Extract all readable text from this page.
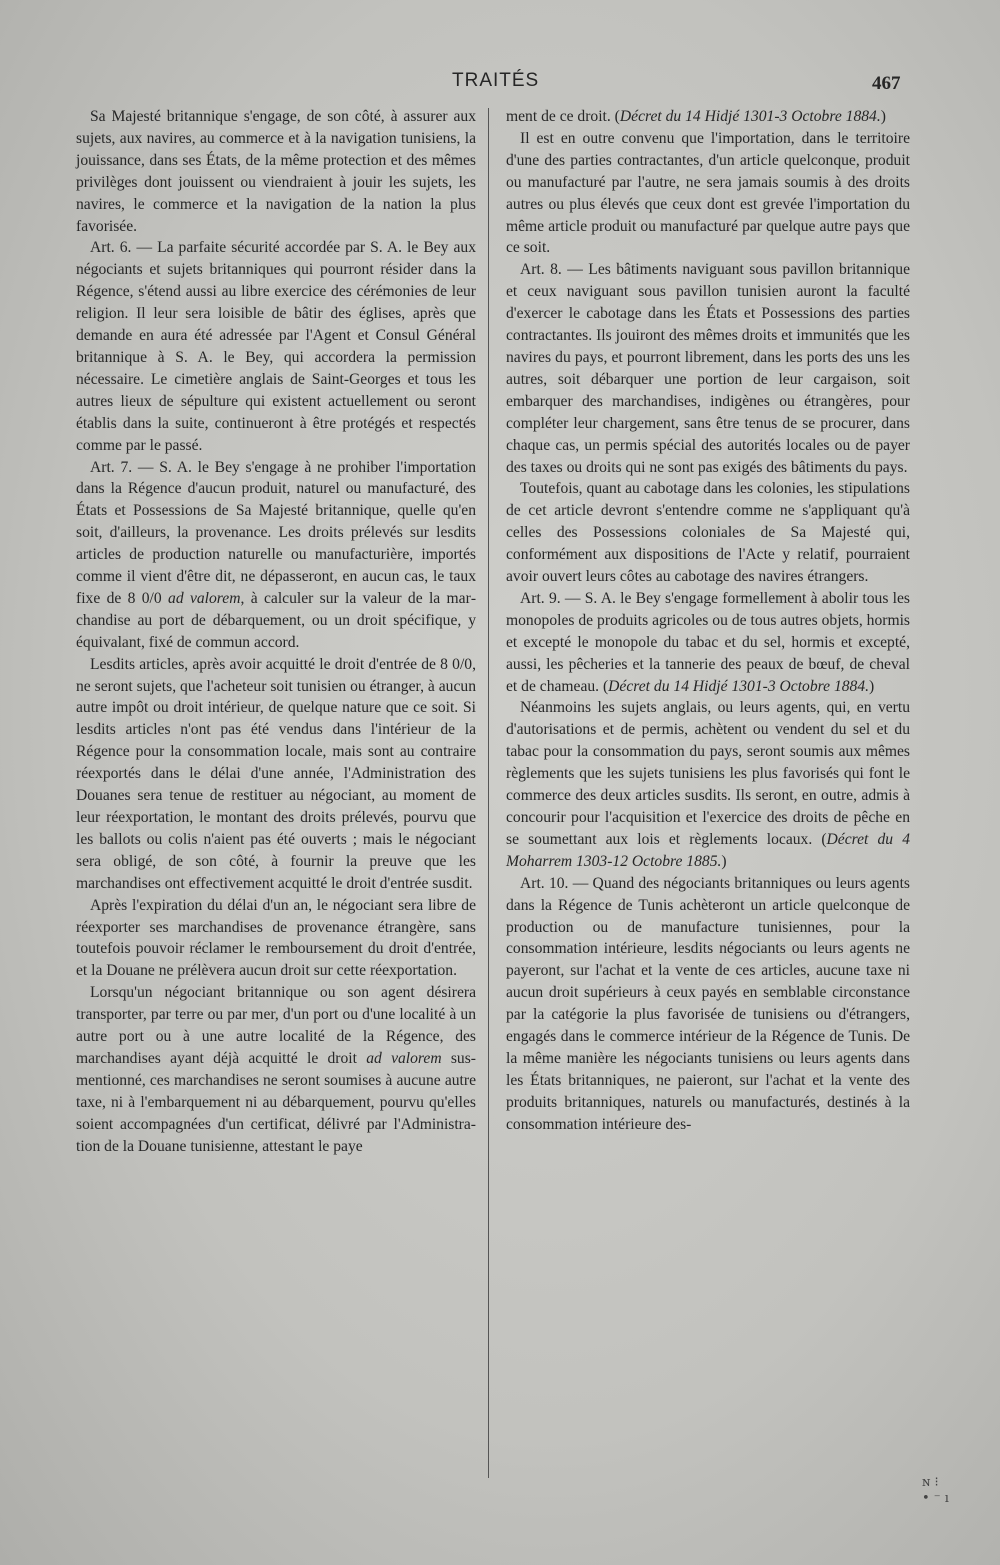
TRAITÉS	467

Sa Majesté britannique s'engage, de son côté, à assurer aux sujets, aux navires, au commerce et à la navigation tunisiens, la jouissance, dans ses États, de la même protection et des mêmes privilèges dont jouissent ou viendraient à jouir les sujets, les navires, le commerce et la navigation de la nation la plus favorisée.

Art. 6. — La parfaite sécurité accordée par S. A. le Bey aux négociants et sujets britanniques qui pourront résider dans la Régence, s'étend aussi au libre exercice des cérémonies de leur religion. Il leur sera loisible de bâtir des églises, après que demande en aura été adressée par l'Agent et Consul Général britannique à S. A. le Bey, qui accordera la permission nécessaire. Le cimetière anglais de Saint-Georges et tous les autres lieux de sépulture qui existent actuellement ou seront établis dans la suite, continueront à être protégés et respectés comme par le passé.

Art. 7. — S. A. le Bey s'engage à ne prohiber l'importation dans la Régence d'aucun produit, naturel ou manufacturé, des États et Possessions de Sa Majesté britannique, quelle qu'en soit, d'ailleurs, la provenance. Les droits prélevés sur lesdits articles de production naturelle ou manufacturière, importés comme il vient d'être dit, ne dépasseront, en aucun cas, le taux fixe de 8 0/0 ad valorem, à calculer sur la valeur de la marchandise au port de débarquement, ou un droit spécifique, y équivalant, fixé de commun accord.

Lesdits articles, après avoir acquitté le droit d'entrée de 8 0/0, ne seront sujets, que l'acheteur soit tunisien ou étranger, à aucun autre impôt ou droit intérieur, de quelque nature que ce soit. Si lesdits articles n'ont pas été vendus dans l'intérieur de la Régence pour la consommation locale, mais sont au contraire réexportés dans le délai d'une année, l'Administration des Douanes sera tenue de restituer au négociant, au moment de leur réexportation, le montant des droits prélevés, pourvu que les ballots ou colis n'aient pas été ouverts ; mais le négociant sera obligé, de son côté, à fournir la preuve que les marchandises ont effectivement acquitté le droit d'entrée susdit.

Après l'expiration du délai d'un an, le négociant sera libre de réexporter ses marchandises de provenance étrangère, sans toutefois pouvoir réclamer le remboursement du droit d'entrée, et la Douane ne prélèvera aucun droit sur cette réexportation.

Lorsqu'un négociant britannique ou son agent désirera transporter, par terre ou par mer, d'un port ou d'une localité à un autre port ou à une autre localité de la Régence, des marchandises ayant déjà acquitté le droit ad valorem susmentionné, ces marchandises ne seront soumises à aucune autre taxe, ni à l'embarquement ni au débarquement, pourvu qu'elles soient accompagnées d'un certificat, délivré par l'Administration de la Douane tunisienne, attestant le paye

ment de ce droit. (Décret du 14 Hidjé 1301-3 Octobre 1884.)

Il est en outre convenu que l'importation, dans le territoire d'une des parties contractantes, d'un article quelconque, produit ou manufacturé par l'autre, ne sera jamais soumis à des droits autres ou plus élevés que ceux dont est grevée l'importation du même article produit ou manufacturé par quelque autre pays que ce soit.

Art. 8. — Les bâtiments naviguant sous pavillon britannique et ceux naviguant sous pavillon tunisien auront la faculté d'exercer le cabotage dans les États et Possessions des parties contractantes. Ils jouiront des mêmes droits et immunités que les navires du pays, et pourront librement, dans les ports des uns les autres, soit débarquer une portion de leur cargaison, soit embarquer des marchandises, indigènes ou étrangères, pour compléter leur chargement, sans être tenus de se procurer, dans chaque cas, un permis spécial des autorités locales ou de payer des taxes ou droits qui ne sont pas exigés des bâtiments du pays.

Toutefois, quant au cabotage dans les colonies, les stipulations de cet article devront s'entendre comme ne s'appliquant qu'à celles des Possessions coloniales de Sa Majesté qui, conformément aux dispositions de l'Acte y relatif, pourraient avoir ouvert leurs côtes au cabotage des navires étrangers.

Art. 9. — S. A. le Bey s'engage formellement à abolir tous les monopoles de produits agricoles ou de tous autres objets, hormis et excepté le monopole du tabac et du sel, hormis et excepté, aussi, les pêcheries et la tannerie des peaux de bœuf, de cheval et de chameau. (Décret du 14 Hidjé 1301-3 Octobre 1884.)

Néanmoins les sujets anglais, ou leurs agents, qui, en vertu d'autorisations et de permis, achètent ou vendent du sel et du tabac pour la consommation du pays, seront soumis aux mêmes règlements que les sujets tunisiens les plus favorisés qui font le commerce des deux articles susdits. Ils seront, en outre, admis à concourir pour l'acquisition et l'exercice des droits de pêche en se soumettant aux lois et règlements locaux. (Décret du 4 Moharrem 1303-12 Octobre 1885.)

Art. 10. — Quand des négociants britanniques ou leurs agents dans la Régence de Tunis achèteront un article quelconque de production ou de manufacture tunisiennes, pour la consommation intérieure, lesdits négociants ou leurs agents ne payeront, sur l'achat et la vente de ces articles, aucune taxe ni aucun droit supérieurs à ceux payés en semblable circonstance par la catégorie la plus favorisée de tunisiens ou d'étrangers, engagés dans le commerce intérieur de la Régence de Tunis. De la même manière les négociants tunisiens ou leurs agents dans les États britanniques, ne paieront, sur l'achat et la vente des produits britanniques, naturels ou manufacturés, destinés à la consommation intérieure des-

ɴ ⁝
• ⁻ ı
